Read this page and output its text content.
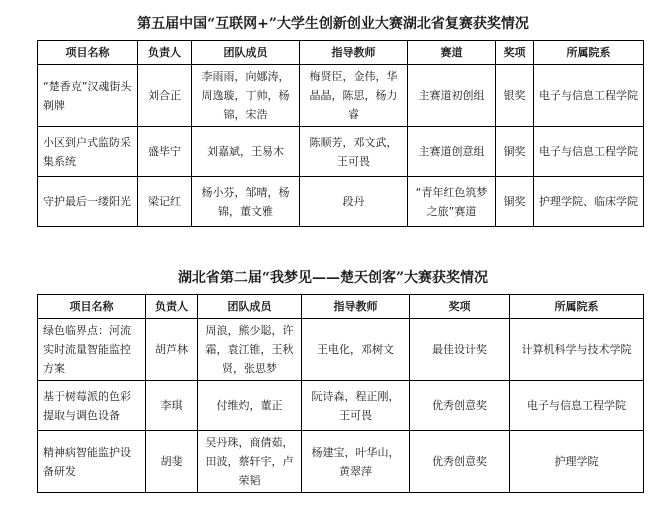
第五届中国“互联网+”大学生创新创业大赛湖北省复赛获奖情况
项目名称	负责人	团队成员	指导教师	赛道	奖项	所属院系
“楚香克”汉魂街头剃牌	刘合正	李雨雨，向娜涛，周逸璇，丁帅，杨锦，宋浩	梅贤臣，金伟，华晶晶，陈思，杨力睿	主赛道初创组	银奖	电子与信息工程学院
小区到户式监防采集系统	盛毕宁	刘嘉斌，王易木	陈顺芳，邓文武，王可畏	主赛道创意组	铜奖	电子与信息工程学院
守护最后一缕阳光	梁记红	杨小芬，邹晴，杨锦，董文雅	段丹	“青年红色筑梦之旅”赛道	铜奖	护理学院、临床学院
湖北省第二届“我梦见——楚天创客”大赛获奖情况
项目名称	负责人	团队成员	指导教师	奖项	所属院系
绿色临界点：河流实时流量智能监控方案	胡芦林	周浪，熊少聪，许霜，袁江锥，王秋贤，张思梦	王电化，邓树文	最佳设计奖	计算机科学与技术学院
基于树莓派的色彩提取与调色设备	李琪	付维灼，董正	阮诗森，程正刚，王可畏	优秀创意奖	电子与信息工程学院
精神病智能监护设备研发	胡斐	吴丹珠，商倩茹，田波，蔡轩宇，卢荣韬	杨建宝，叶华山，黄翠萍	优秀创意奖	护理学院
